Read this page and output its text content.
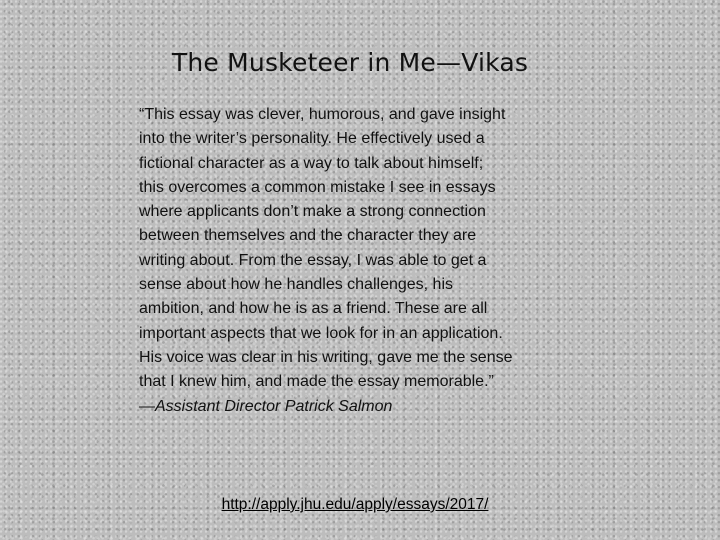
The Musketeer in Me—Vikas
“This essay was clever, humorous, and gave insight
into the writer’s personality. He effectively used a
fictional character as a way to talk about himself;
this overcomes a common mistake I see in essays
where applicants don’t make a strong connection
between themselves and the character they are
writing about. From the essay, I was able to get a
sense about how he handles challenges, his
ambition, and how he is as a friend. These are all
important aspects that we look for in an application.
His voice was clear in his writing, gave me the sense
that I knew him, and made the essay memorable.”
—Assistant Director Patrick Salmon
http://apply.jhu.edu/apply/essays/2017/
